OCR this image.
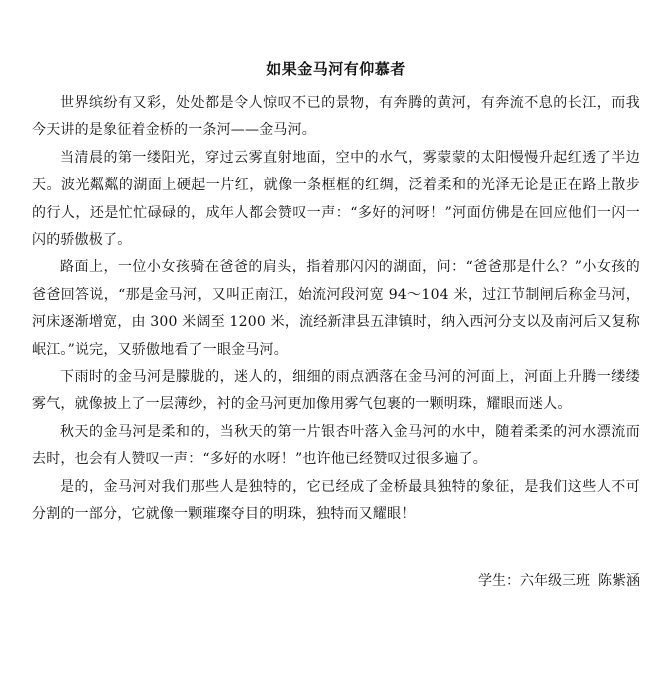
如果金马河有仰慕者

世界缤纷有又彩，处处都是令人惊叹不已的景物，有奔腾的黄河，有奔流不息的长江，而我今天讲的是象征着金桥的一条河——金马河。

当清晨的第一缕阳光，穿过云雾直射地面，空中的水气，雾蒙蒙的太阳慢慢升起红透了半边天。波光粼粼的湖面上硬起一片红，就像一条框框的红绸，泛着柔和的光泽无论是正在路上散步的行人，还是忙忙碌碌的，成年人都会赞叹一声：“多好的河呀！”河面仿佛是在回应他们一闪一闪的骄傲极了。

路面上，一位小女孩骑在爸爸的肩头，指着那闪闪的湖面，问：“爸爸那是什么？”小女孩的爸爸回答说，“那是金马河，又叫正南江，始流河段河宽 94～104 米，过江节制闸后称金马河，河床逐渐增宽，由 300 米阔至 1200 米，流经新津县五津镇时，纳入西河分支以及南河后又复称岷江。”说完，又骄傲地看了一眼金马河。

下雨时的金马河是朦胧的，迷人的，细细的雨点洒落在金马河的河面上，河面上升腾一缕缕雾气，就像披上了一层薄纱，衬的金马河更加像用雾气包裹的一颗明珠，耀眼而迷人。

秋天的金马河是柔和的，当秋天的第一片银杏叶落入金马河的水中，随着柔柔的河水漂流而去时，也会有人赞叹一声：“多好的水呀！”也许他已经赞叹过很多遍了。

是的，金马河对我们那些人是独特的，它已经成了金桥最具独特的象征，是我们这些人不可分割的一部分，它就像一颗璀璨夺目的明珠，独特而又耀眼！

学生：六年级三班 陈紫涵
